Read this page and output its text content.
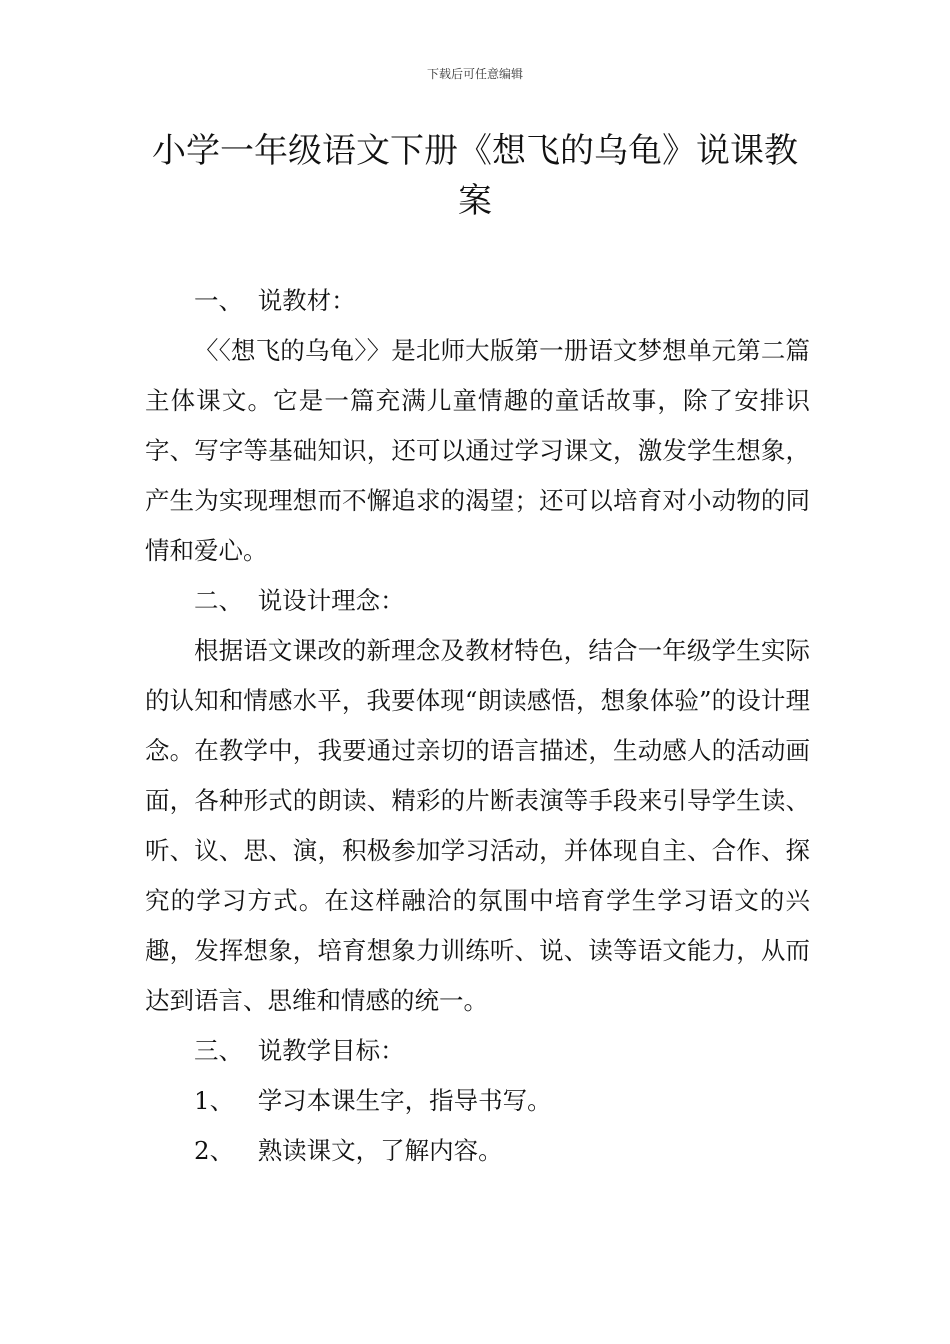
下载后可任意编辑
小学一年级语文下册《想飞的乌龟》说课教案

一、 说教材：

〈〈想飞的乌龟〉〉是北师大版第一册语文梦想单元第二篇主体课文。它是一篇充满儿童情趣的童话故事，除了安排识字、写字等基础知识，还可以通过学习课文，激发学生想象，产生为实现理想而不懈追求的渴望；还可以培育对小动物的同情和爱心。

二、 说设计理念：

根据语文课改的新理念及教材特色，结合一年级学生实际的认知和情感水平，我要体现“朗读感悟，想象体验”的设计理念。在教学中，我要通过亲切的语言描述，生动感人的活动画面，各种形式的朗读、精彩的片断表演等手段来引导学生读、听、议、思、演，积极参加学习活动，并体现自主、合作、探究的学习方式。在这样融洽的氛围中培育学生学习语文的兴趣，发挥想象，培育想象力训练听、说、读等语文能力，从而达到语言、思维和情感的统一。

三、 说教学目标：

1、 学习本课生字，指导书写。

2、 熟读课文，了解内容。
